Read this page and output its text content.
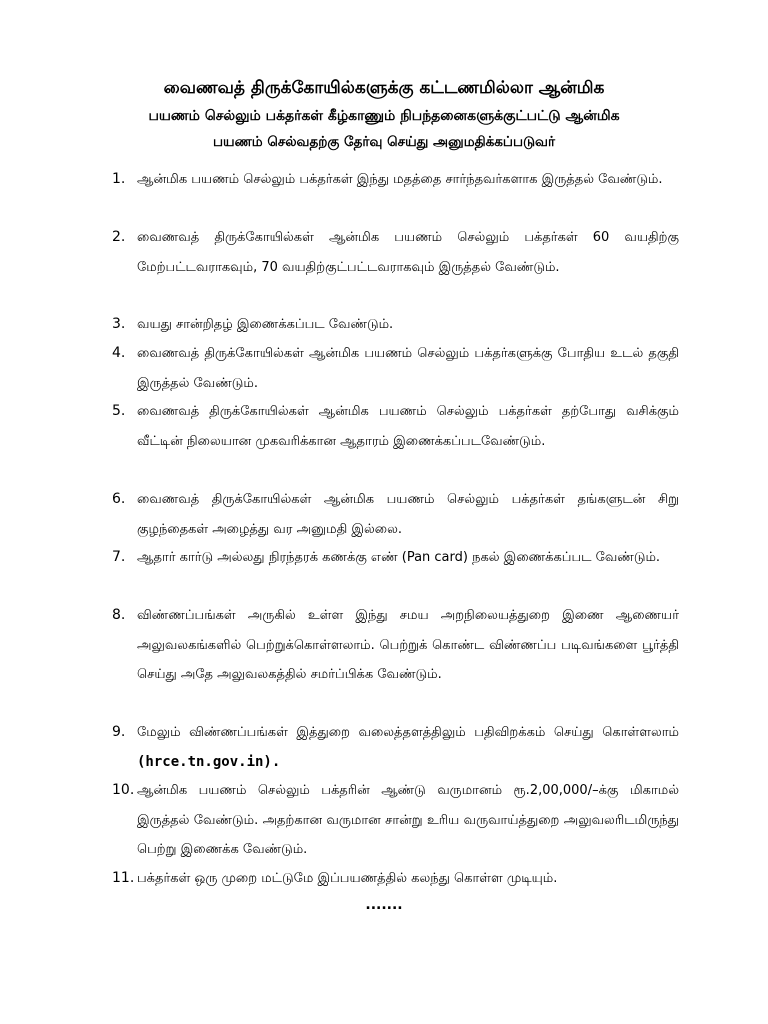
வைணவத் திருக்கோயில்களுக்கு கட்டணமில்லா ஆன்மிக
பயணம் செல்லும் பக்தர்கள் கீழ்காணும் நிபந்தனைகளுக்குட்பட்டு ஆன்மிக
பயணம் செல்வதற்கு தேர்வு செய்து அனுமதிக்கப்படுவர்
1. ஆன்மிக பயணம் செல்லும் பக்தர்கள் இந்து மதத்தை சார்ந்தவர்களாக இருத்தல் வேண்டும்.
2. வைணவத் திருக்கோயில்கள் ஆன்மிக பயணம் செல்லும் பக்தர்கள் 60 வயதிற்கு மேற்பட்டவராகவும், 70 வயதிற்குட்பட்டவராகவும் இருத்தல் வேண்டும்.
3. வயது சான்றிதழ் இணைக்கப்பட வேண்டும்.
4. வைணவத் திருக்கோயில்கள் ஆன்மிக பயணம் செல்லும் பக்தர்களுக்கு போதிய உடல் தகுதி இருத்தல் வேண்டும்.
5. வைணவத் திருக்கோயில்கள் ஆன்மிக பயணம் செல்லும் பக்தர்கள் தற்போது வசிக்கும் வீட்டின் நிலையான முகவரிக்கான ஆதாரம் இணைக்கப்படவேண்டும்.
6. வைணவத் திருக்கோயில்கள் ஆன்மிக பயணம் செல்லும் பக்தர்கள் தங்களுடன் சிறு குழந்தைகள் அழைத்து வர அனுமதி இல்லை.
7. ஆதார் கார்டு அல்லது நிரந்தரக் கணக்கு எண் (Pan card) நகல் இணைக்கப்பட வேண்டும்.
8. விண்ணப்பங்கள் அருகில் உள்ள இந்து சமய அறநிலையத்துறை இணை ஆணையர் அலுவலகங்களில் பெற்றுக்கொள்ளலாம். பெற்றுக் கொண்ட விண்ணப்ப படிவங்களை பூர்த்தி செய்து அதே அலுவலகத்தில் சமர்ப்பிக்க வேண்டும்.
9. மேலும் விண்ணப்பங்கள் இத்துறை வலைத்தளத்திலும் பதிவிறக்கம் செய்து கொள்ளலாம் (hrce.tn.gov.in).
10. ஆன்மிக பயணம் செல்லும் பக்தரின் ஆண்டு வருமானம் ரூ.2,00,000/–க்கு மிகாமல் இருத்தல் வேண்டும். அதற்கான வருமான சான்று உரிய வருவாய்த்துறை அலுவலரிடமிருந்து பெற்று இணைக்க வேண்டும்.
11. பக்தர்கள் ஒரு முறை மட்டுமே இப்பயணத்தில் கலந்து கொள்ள முடியும்.
.......
